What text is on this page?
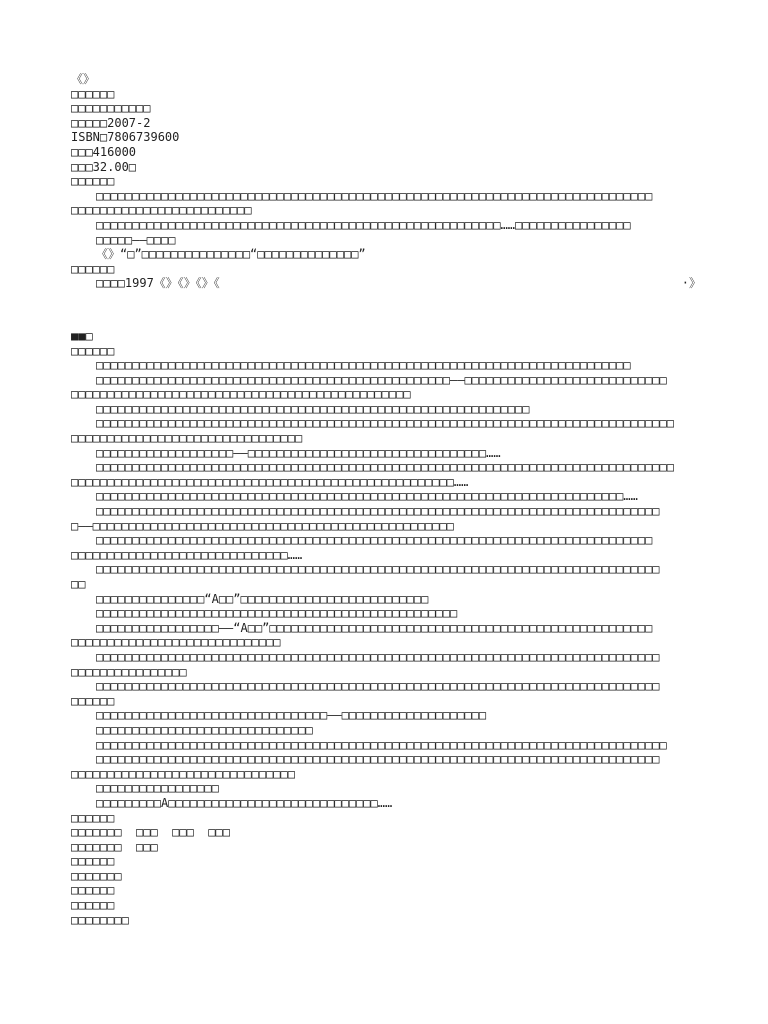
《》
□□□□□□
□□□□□□□□□□□
□□□□□2007-2
ISBN□7806739600
□□□416000
□□□32.00□
□□□□□□
□□□□□□□□□□□□□□□□□□□□□□□□□□□□□□□□□□□□□□□□□□□□□□□□□□□□□□□□□□□□□□□□□□□□□□□□□□□□□
□□□□□□□□□□□□□□□□□□□□□□□□□
□□□□□□□□□□□□□□□□□□□□□□□□□□□□□□□□□□□□□□□□□□□□□□□□□□□□□□□□……□□□□□□□□□□□□□□□□
□□□□□——□□□□
《》“□”□□□□□□□□□□□□□□□“□□□□□□□□□□□□□□”
□□□□□□
□□□□1997《》《》《》《	·》
■■□
□□□□□□
□□□□□□□□□□□□□□□□□□□□□□□□□□□□□□□□□□□□□□□□□□□□□□□□□□□□□□□□□□□□□□□□□□□□□□□□□□
□□□□□□□□□□□□□□□□□□□□□□□□□□□□□□□□□□□□□□□□□□□□□□□□□——□□□□□□□□□□□□□□□□□□□□□□□□□□□□
□□□□□□□□□□□□□□□□□□□□□□□□□□□□□□□□□□□□□□□□□□□□□□□
□□□□□□□□□□□□□□□□□□□□□□□□□□□□□□□□□□□□□□□□□□□□□□□□□□□□□□□□□□□□
□□□□□□□□□□□□□□□□□□□□□□□□□□□□□□□□□□□□□□□□□□□□□□□□□□□□□□□□□□□□□□□□□□□□□□□□□□□□□□□□
□□□□□□□□□□□□□□□□□□□□□□□□□□□□□□□□
□□□□□□□□□□□□□□□□□□□——□□□□□□□□□□□□□□□□□□□□□□□□□□□□□□□□□……
□□□□□□□□□□□□□□□□□□□□□□□□□□□□□□□□□□□□□□□□□□□□□□□□□□□□□□□□□□□□□□□□□□□□□□□□□□□□□□□□
□□□□□□□□□□□□□□□□□□□□□□□□□□□□□□□□□□□□□□□□□□□□□□□□□□□□□……
□□□□□□□□□□□□□□□□□□□□□□□□□□□□□□□□□□□□□□□□□□□□□□□□□□□□□□□□□□□□□□□□□□□□□□□□□……
□□□□□□□□□□□□□□□□□□□□□□□□□□□□□□□□□□□□□□□□□□□□□□□□□□□□□□□□□□□□□□□□□□□□□□□□□□□□□□
□——□□□□□□□□□□□□□□□□□□□□□□□□□□□□□□□□□□□□□□□□□□□□□□□□□□
□□□□□□□□□□□□□□□□□□□□□□□□□□□□□□□□□□□□□□□□□□□□□□□□□□□□□□□□□□□□□□□□□□□□□□□□□□□□□
□□□□□□□□□□□□□□□□□□□□□□□□□□□□□□……
□□□□□□□□□□□□□□□□□□□□□□□□□□□□□□□□□□□□□□□□□□□□□□□□□□□□□□□□□□□□□□□□□□□□□□□□□□□□□□
□□
□□□□□□□□□□□□□□□“A□□”□□□□□□□□□□□□□□□□□□□□□□□□□□
□□□□□□□□□□□□□□□□□□□□□□□□□□□□□□□□□□□□□□□□□□□□□□□□□□
□□□□□□□□□□□□□□□□□——“A□□”□□□□□□□□□□□□□□□□□□□□□□□□□□□□□□□□□□□□□□□□□□□□□□□□□□□□□
□□□□□□□□□□□□□□□□□□□□□□□□□□□□□
□□□□□□□□□□□□□□□□□□□□□□□□□□□□□□□□□□□□□□□□□□□□□□□□□□□□□□□□□□□□□□□□□□□□□□□□□□□□□□
□□□□□□□□□□□□□□□□
□□□□□□□□□□□□□□□□□□□□□□□□□□□□□□□□□□□□□□□□□□□□□□□□□□□□□□□□□□□□□□□□□□□□□□□□□□□□□□
□□□□□□
□□□□□□□□□□□□□□□□□□□□□□□□□□□□□□□□——□□□□□□□□□□□□□□□□□□□□
□□□□□□□□□□□□□□□□□□□□□□□□□□□□□□
□□□□□□□□□□□□□□□□□□□□□□□□□□□□□□□□□□□□□□□□□□□□□□□□□□□□□□□□□□□□□□□□□□□□□□□□□□□□□□□
□□□□□□□□□□□□□□□□□□□□□□□□□□□□□□□□□□□□□□□□□□□□□□□□□□□□□□□□□□□□□□□□□□□□□□□□□□□□□□
□□□□□□□□□□□□□□□□□□□□□□□□□□□□□□□
□□□□□□□□□□□□□□□□□
□□□□□□□□□A□□□□□□□□□□□□□□□□□□□□□□□□□□□□□……
□□□□□□
□□□□□□□  □□□  □□□  □□□
□□□□□□□  □□□
□□□□□□
□□□□□□□
□□□□□□
□□□□□□
□□□□□□□□
